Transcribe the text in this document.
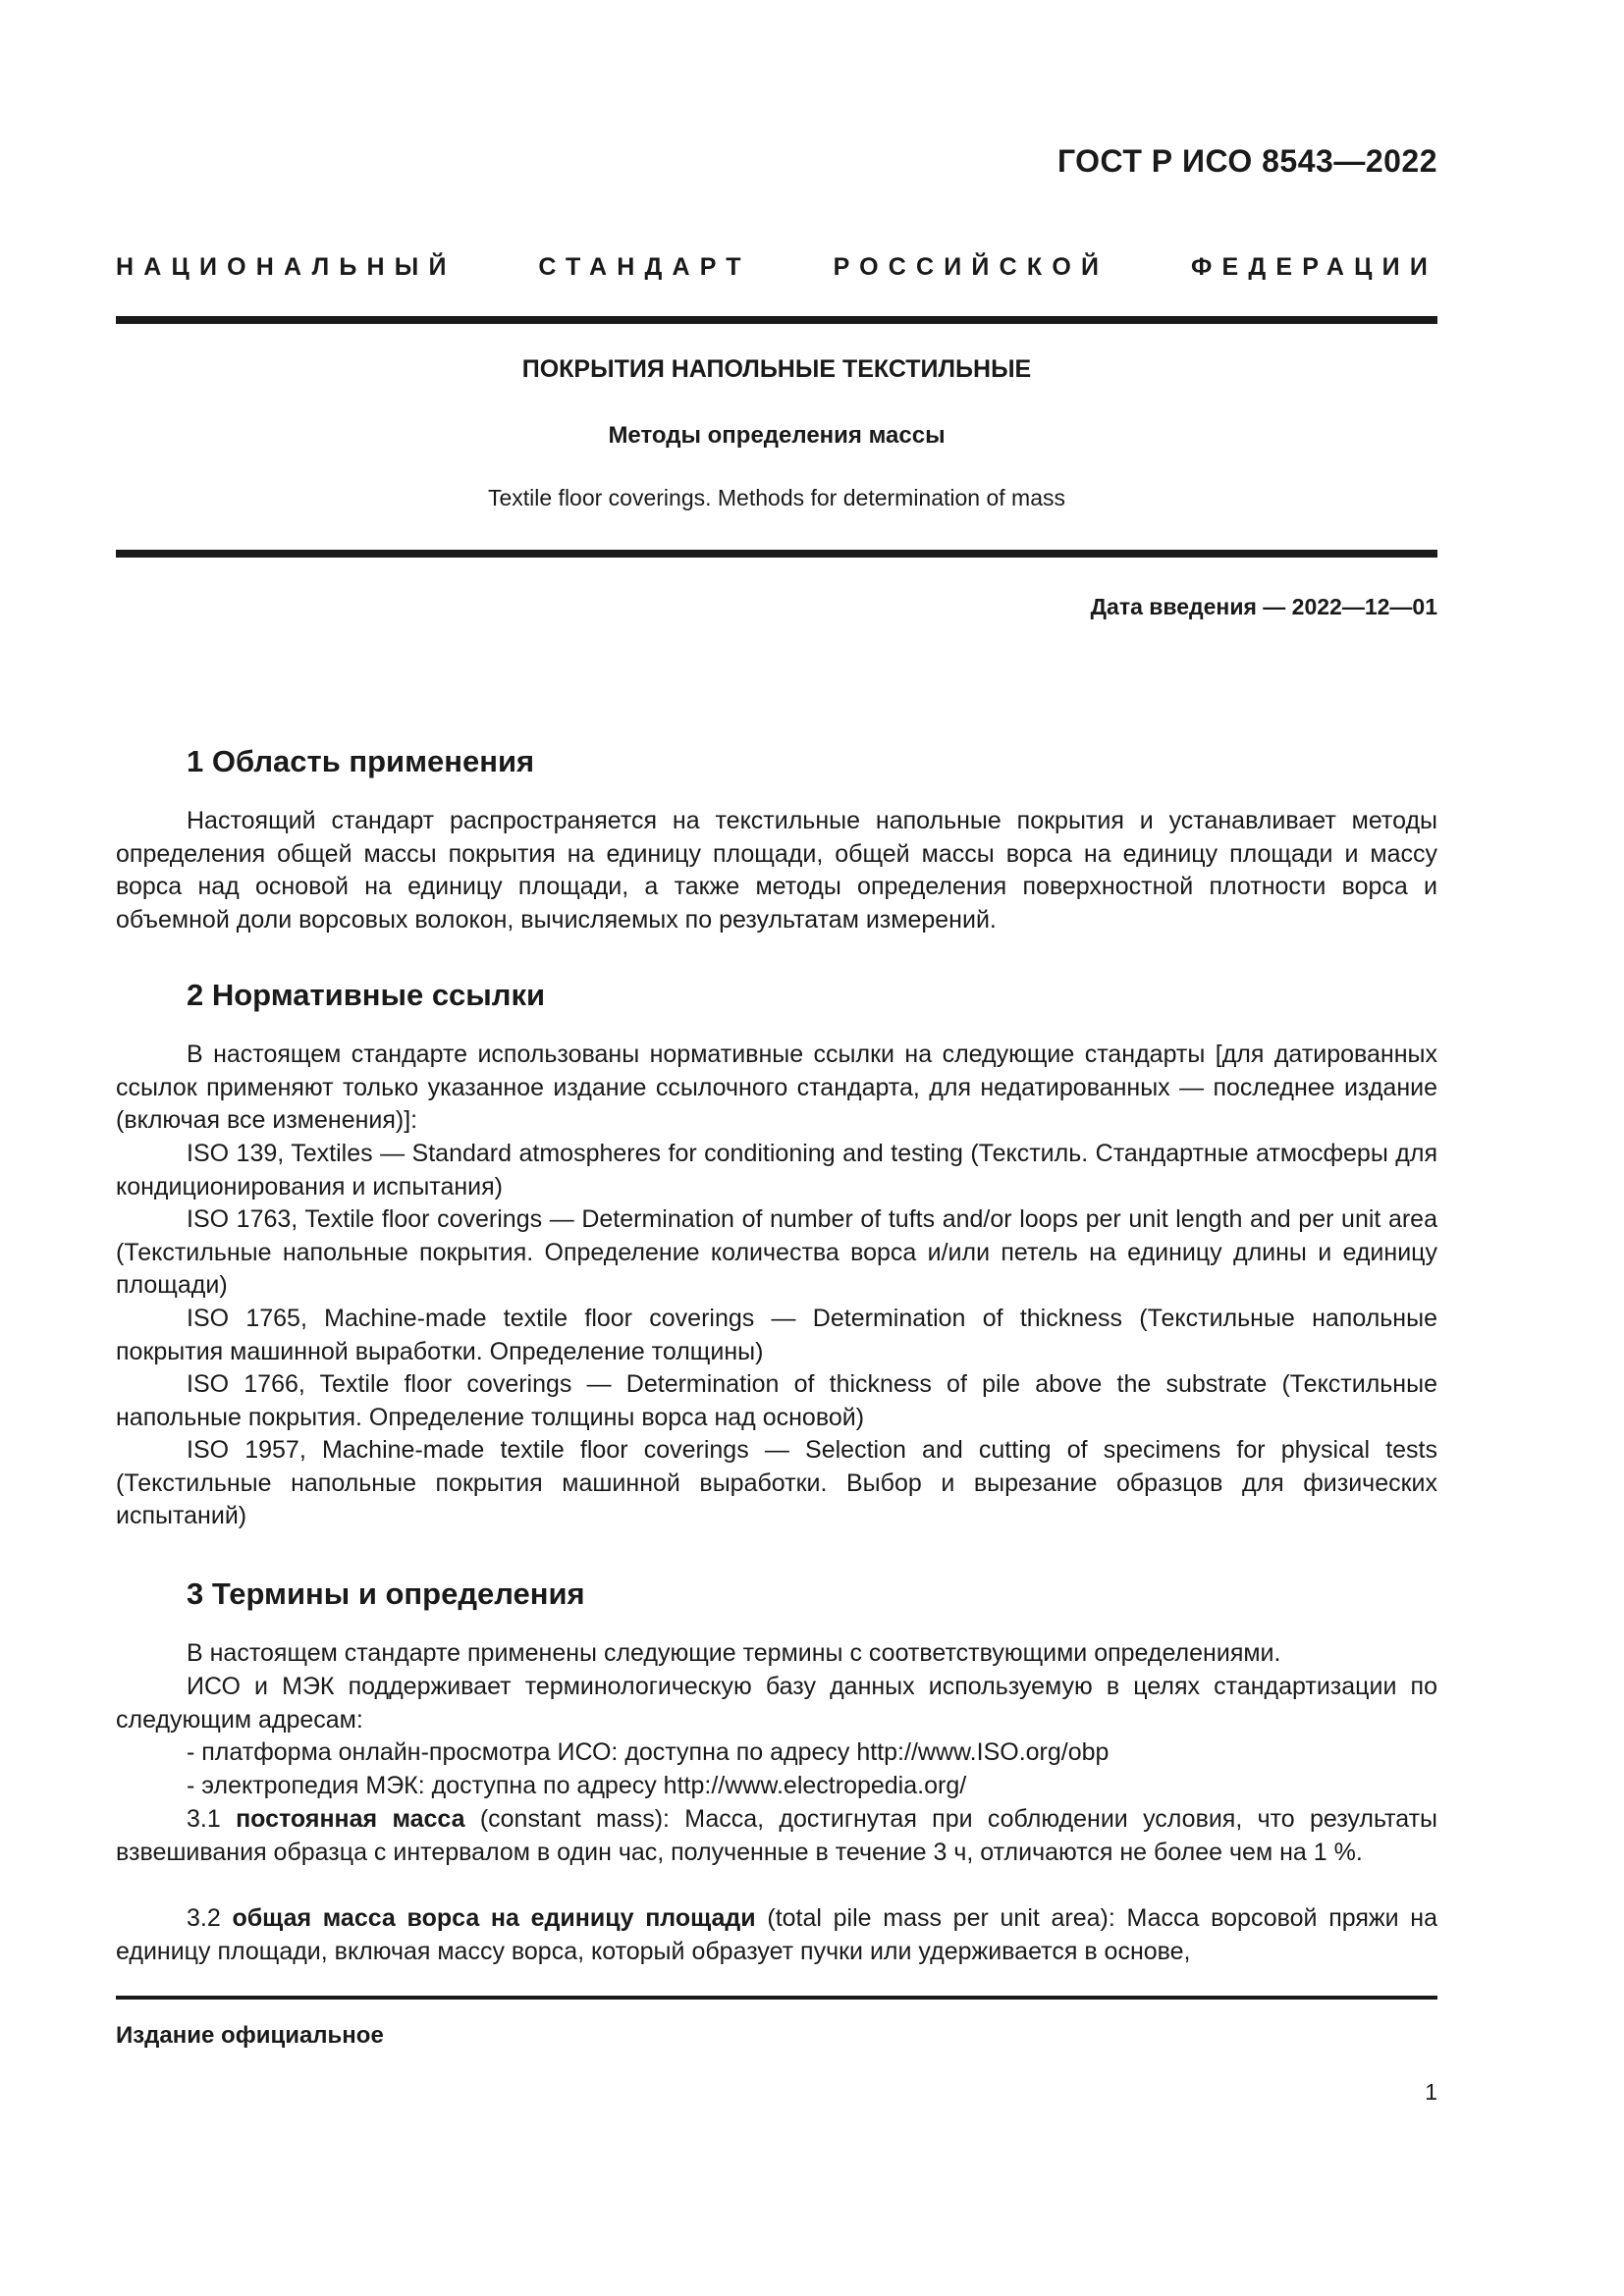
ГОСТ Р ИСО 8543—2022
НАЦИОНАЛЬНЫЙ СТАНДАРТ РОССИЙСКОЙ ФЕДЕРАЦИИ
ПОКРЫТИЯ НАПОЛЬНЫЕ ТЕКСТИЛЬНЫЕ
Методы определения массы
Textile floor coverings. Methods for determination of mass
Дата введения — 2022—12—01
1 Область применения

Настоящий стандарт распространяется на текстильные напольные покрытия и устанавливает методы определения общей массы покрытия на единицу площади, общей массы ворса на единицу площади и массу ворса над основой на единицу площади, а также методы определения поверхностной плотности ворса и объемной доли ворсовых волокон, вычисляемых по результатам измерений.

2 Нормативные ссылки

В настоящем стандарте использованы нормативные ссылки на следующие стандарты [для датированных ссылок применяют только указанное издание ссылочного стандарта, для недатированных — последнее издание (включая все изменения)]:

ISO 139, Textiles — Standard atmospheres for conditioning and testing (Текстиль. Стандартные атмосферы для кондиционирования и испытания)

ISO 1763, Textile floor coverings — Determination of number of tufts and/or loops per unit length and per unit area (Текстильные напольные покрытия. Определение количества ворса и/или петель на единицу длины и единицу площади)

ISO 1765, Machine-made textile floor coverings — Determination of thickness (Текстильные напольные покрытия машинной выработки. Определение толщины)

ISO 1766, Textile floor coverings — Determination of thickness of pile above the substrate (Текстильные напольные покрытия. Определение толщины ворса над основой)

ISO 1957, Machine-made textile floor coverings — Selection and cutting of specimens for physical tests (Текстильные напольные покрытия машинной выработки. Выбор и вырезание образцов для физических испытаний)

3 Термины и определения

В настоящем стандарте применены следующие термины с соответствующими определениями.

ИСО и МЭК поддерживает терминологическую базу данных используемую в целях стандартизации по следующим адресам:

- платформа онлайн-просмотра ИСО: доступна по адресу http://www.ISO.org/obp

- электропедия МЭК: доступна по адресу http://www.electropedia.org/

3.1 постоянная масса (constant mass): Масса, достигнутая при соблюдении условия, что результаты взвешивания образца с интервалом в один час, полученные в течение 3 ч, отличаются не более чем на 1 %.

3.2 общая масса ворса на единицу площади (total pile mass per unit area): Масса ворсовой пряжи на единицу площади, включая массу ворса, который образует пучки или удерживается в основе,

Издание официальное
1
